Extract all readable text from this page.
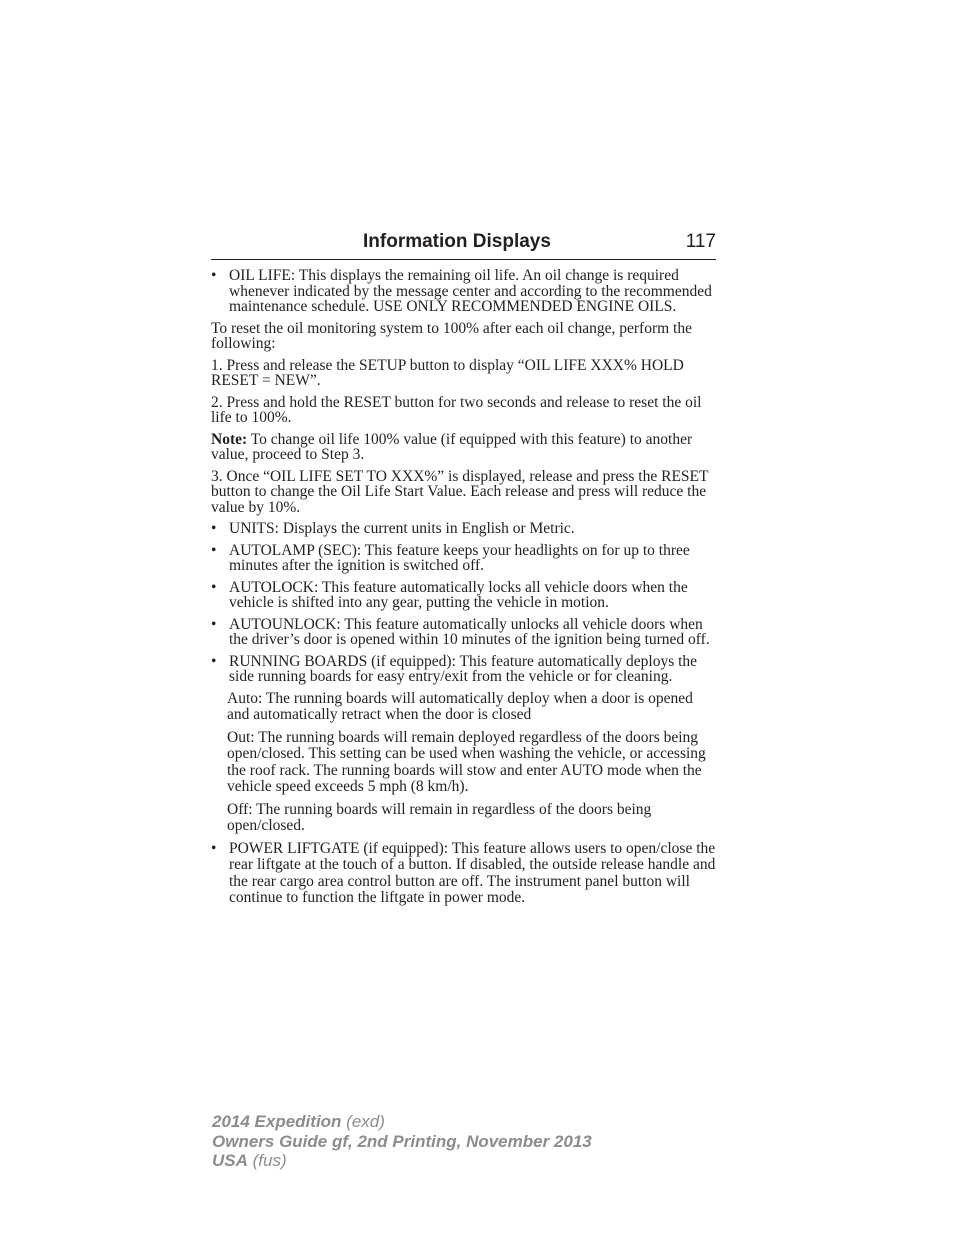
Information Displays	117
• OIL LIFE: This displays the remaining oil life. An oil change is required whenever indicated by the message center and according to the recommended maintenance schedule. USE ONLY RECOMMENDED ENGINE OILS.
To reset the oil monitoring system to 100% after each oil change, perform the following:
1. Press and release the SETUP button to display “OIL LIFE XXX% HOLD RESET = NEW”.
2. Press and hold the RESET button for two seconds and release to reset the oil life to 100%.
Note: To change oil life 100% value (if equipped with this feature) to another value, proceed to Step 3.
3. Once “OIL LIFE SET TO XXX%” is displayed, release and press the RESET button to change the Oil Life Start Value. Each release and press will reduce the value by 10%.
• UNITS: Displays the current units in English or Metric.
• AUTOLAMP (SEC): This feature keeps your headlights on for up to three minutes after the ignition is switched off.
• AUTOLOCK: This feature automatically locks all vehicle doors when the vehicle is shifted into any gear, putting the vehicle in motion.
• AUTOUNLOCK: This feature automatically unlocks all vehicle doors when the driver’s door is opened within 10 minutes of the ignition being turned off.
• RUNNING BOARDS (if equipped): This feature automatically deploys the side running boards for easy entry/exit from the vehicle or for cleaning.
Auto: The running boards will automatically deploy when a door is opened and automatically retract when the door is closed
Out: The running boards will remain deployed regardless of the doors being open/closed. This setting can be used when washing the vehicle, or accessing the roof rack. The running boards will stow and enter AUTO mode when the vehicle speed exceeds 5 mph (8 km/h).
Off: The running boards will remain in regardless of the doors being open/closed.
• POWER LIFTGATE (if equipped): This feature allows users to open/close the rear liftgate at the touch of a button. If disabled, the outside release handle and the rear cargo area control button are off. The instrument panel button will continue to function the liftgate in power mode.
2014 Expedition (exd)
Owners Guide gf, 2nd Printing, November 2013
USA (fus)
